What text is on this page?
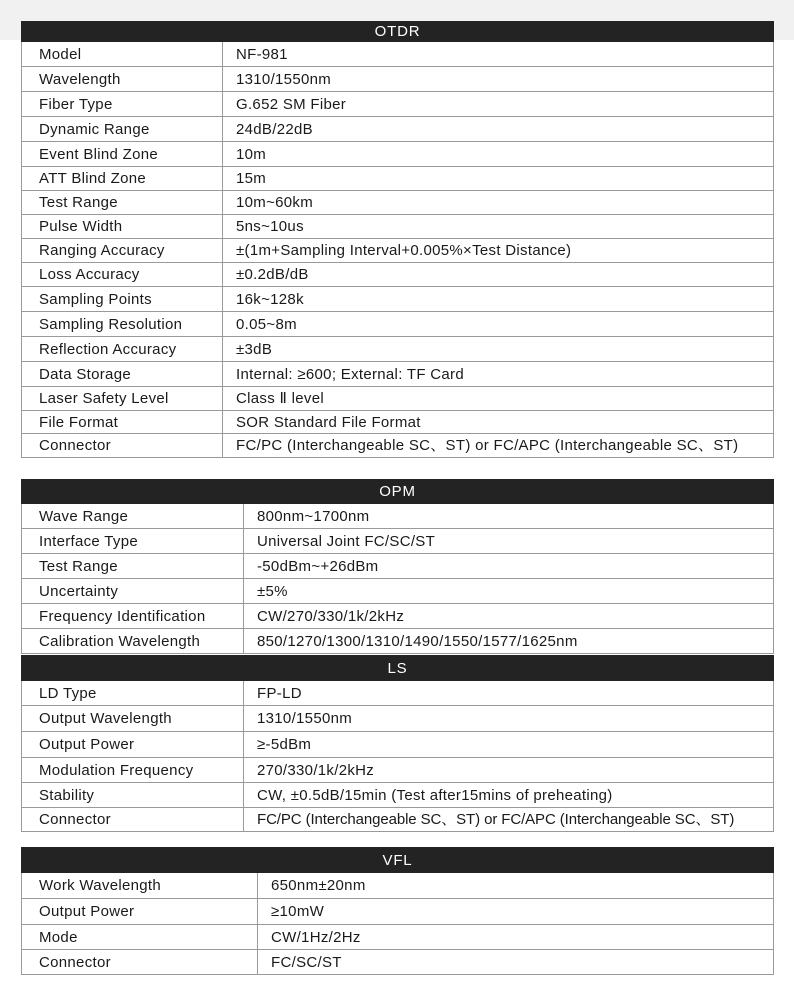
OTDR	
Model	NF-981
Wavelength	1310/1550nm
Fiber Type	G.652 SM Fiber
Dynamic Range	24dB/22dB
Event Blind Zone	10m
ATT Blind Zone	15m
Test Range	10m~60km
Pulse Width	5ns~10us
Ranging Accuracy	±(1m+Sampling Interval+0.005%×Test Distance)
Loss Accuracy	±0.2dB/dB
Sampling Points	16k~128k
Sampling Resolution	0.05~8m
Reflection Accuracy	±3dB
Data Storage	Internal: ≥600; External: TF Card
Laser Safety Level	Class Ⅱ level
File Format	SOR Standard File Format
Connector	FC/PC (Interchangeable SC、ST) or FC/APC (Interchangeable SC、ST)
OPM	
Wave Range	800nm~1700nm
Interface Type	Universal Joint FC/SC/ST
Test Range	-50dBm~+26dBm
Uncertainty	±5%
Frequency Identification	CW/270/330/1k/2kHz
Calibration Wavelength	850/1270/1300/1310/1490/1550/1577/1625nm
LS	
LD Type	FP-LD
Output Wavelength	1310/1550nm
Output Power	≥-5dBm
Modulation Frequency	270/330/1k/2kHz
Stability	CW, ±0.5dB/15min (Test after15mins of preheating)
Connector	FC/PC (Interchangeable SC、ST) or FC/APC (Interchangeable SC、ST)
VFL	
Work Wavelength	650nm±20nm
Output Power	≥10mW
Mode	CW/1Hz/2Hz
Connector	FC/SC/ST
